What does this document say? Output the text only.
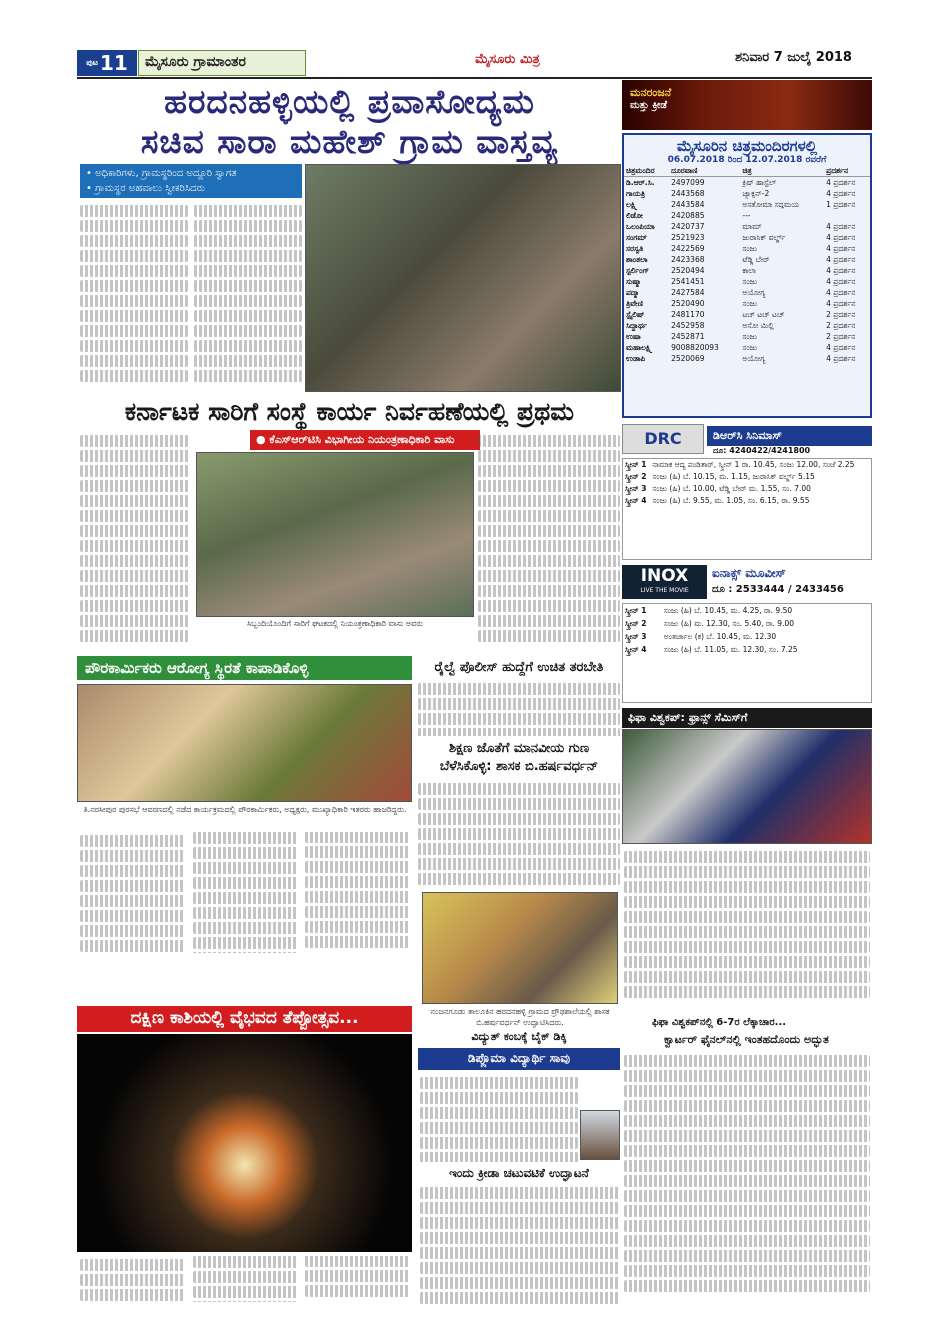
ಪುಟ 11	ಮೈಸೂರು ಗ್ರಾಮಾಂತರ	ಮೈಸೂರು ಮಿತ್ರ	ಶನಿವಾರ 7 ಜುಲೈ 2018
ಮನರಂಜನೆ
ಮತ್ತು ಕ್ರೀಡೆ
ಹರದನಹಳ್ಳಿಯಲ್ಲಿ ಪ್ರವಾಸೋದ್ಯಮ
ಸಚಿವ ಸಾರಾ ಮಹೇಶ್ ಗ್ರಾಮ ವಾಸ್ತವ್ಯ
• ಅಧಿಕಾರಿಗಳು, ಗ್ರಾಮಸ್ಥರಿಂದ ಅದ್ದೂರಿ ಸ್ವಾಗತ
• ಗ್ರಾಮಸ್ಥರ ಅಹವಾಲು ಸ್ವೀಕರಿಸಿದರು
ಮೈಸೂರಿನ ಚಿತ್ರಮಂದಿರಗಳಲ್ಲಿ
06.07.2018 ರಿಂದ 12.07.2018 ರವರೆಗೆ
ಚಿತ್ರಮಂದಿರ	ದೂರವಾಣಿ	ಚಿತ್ರ	ಪ್ರದರ್ಶನ
ಡಿ.ಆರ್.ಸಿ.	2497099	ಕ್ರಿಷ್ ಹಾಸ್ಟೆಲ್	4 ಪ್ರದರ್ಶನ
ಗಾಯತ್ರಿ	2443568	ಜ್ಯಾಕ್ಸನ್-2	4 ಪ್ರದರ್ಶನ
ಲಕ್ಷ್ಮಿ	2443584	ಅಸತೋಮಾ ಸದ್ಗಮಯ	1 ಪ್ರದರ್ಶನ
ಲಿಡೋ	2420885	---	
ಒಲಂಪಿಯಾ	2420737	ಮಾಮ್	4 ಪ್ರದರ್ಶನ
ಸಂಗಮ್	2521923	ಜುರಾಸಿಕ್ ವರ್ಲ್ಡ್	4 ಪ್ರದರ್ಶನ
ಸರಸ್ವತಿ	2422569	ಸಂಜು	4 ಪ್ರದರ್ಶನ
ಶಾಂತಲಾ	2423368	ಟೆಡ್ಡಿ ಬೇರ್	4 ಪ್ರದರ್ಶನ
ಸ್ಟರ್ಲಿಂಗ್	2520494	ಕಾಲಾ	4 ಪ್ರದರ್ಶನ
ಸುಷ್ಮಾ	2541451	ಸಂಜು	4 ಪ್ರದರ್ಶನ
ಪದ್ಮಾ	2427584	ಅಯೋಗ್ಯ	4 ಪ್ರದರ್ಶನ
ತ್ರಿವೇಣಿ	2520490	ಸಂಜು	4 ಪ್ರದರ್ಶನ
ಸ್ಟೈಲಿಷ್	2481170	ಟಚ್ ಟಚ್ ಟಚ್	2 ಪ್ರದರ್ಶನ
ಸಿದ್ದಾರ್ಥ	2452958	ಅಸೋ ಮಿಲ್ಲಿ	2 ಪ್ರದರ್ಶನ
ಉಷಾ	2452871	ಸಂಜು	2 ಪ್ರದರ್ಶನ
ಮಹಾಲಕ್ಷ್ಮಿ	9008820093	ಸಂಜು	4 ಪ್ರದರ್ಶನ
ಉಡಾಪಿ	2520069	ಅಯೋಗ್ಯ	4 ಪ್ರದರ್ಶನ
ಡಿಆರ್‌ಸಿ ಸಿನಿಮಾಸ್
DRC
ದೂ: 4240422/4241800
ಸ್ಕ್ರೀನ್ 1	ನಾಮಾಕ ಆದ್ಯ ಪಂಡಿತಾರ್, ಸ್ಕ್ರೀನ್ 1 ರಾ. 10.45, ಸಂಜು 12.00, ಸಂಜೆ 2.25
ಸ್ಕ್ರೀನ್ 2	ಸಂಜು (ಹಿ) ಬೆ. 10.15, ಮ. 1.15, ಜುರಾಸಿಕ್ ವರ್ಲ್ಡ್ 5.15
ಸ್ಕ್ರೀನ್ 3	ಸಂಜು (ಹಿ) ಬೆ. 10.00, ಟೆಡ್ಡಿ ಬೇರ್ ಮ. 1.55, ಸಂ. 7.00
ಸ್ಕ್ರೀನ್ 4	ಸಂಜು (ಹಿ) ಬೆ. 9.55, ಮ. 1.05, ಸಂ. 6.15, ರಾ. 9.55
INOX
LIVE THE MOVIE
ಐನಾಕ್ಸ್ ಮೂವೀಸ್
ದೂ : 2533444 / 2433456
ಸ್ಕ್ರೀನ್ 1	ಸಂಜು (ಹಿ) ಬೆ. 10.45, ಮ. 4.25, ರಾ. 9.50
ಸ್ಕ್ರೀನ್ 2	ಸಂಜು (ಹಿ) ಮ. 12.30, ಸಂ. 5.40, ರಾ. 9.00
ಸ್ಕ್ರೀನ್ 3	ಅಂತರ್ಜಾಲ (ಕ) ಬೆ. 10.45, ಮ. 12.30
ಸ್ಕ್ರೀನ್ 4	ಸಂಜು (ಹಿ) ಬೆ. 11.05, ಮ. 12.30, ಸಂ. 7.25
ಫಿಫಾ ವಿಶ್ವಕಪ್: ಫ್ರಾನ್ಸ್ ಸೆಮಿಸ್‌ಗೆ
ಫಿಫಾ ವಿಶ್ವಕಪ್‌ನಲ್ಲಿ 6-7ರ ಲೆಕ್ಕಾಚಾರ...
ಕ್ವಾರ್ಟರ್ ಫೈನಲ್‌ನಲ್ಲಿ ಇಂತಹದೊಂದು ಅದ್ಭುತ
ಕರ್ನಾಟಕ ಸಾರಿಗೆ ಸಂಸ್ಥೆ ಕಾರ್ಯ ನಿರ್ವಹಣೆಯಲ್ಲಿ ಪ್ರಥಮ
● ಕೆಎಸ್‌ಆರ್‌ಟಿಸಿ ವಿಭಾಗೀಯ ನಿಯಂತ್ರಣಾಧಿಕಾರಿ ವಾಸು
ಸಿಬ್ಬಂದಿಯೊಂದಿಗೆ ಸಾರಿಗೆ ಘಟಕದಲ್ಲಿ ನಿಯಂತ್ರಣಾಧಿಕಾರಿ ವಾಸು ಅವರು
ಪೌರಕಾರ್ಮಿಕರು ಆರೋಗ್ಯ ಸ್ಥಿರತೆ ಕಾಪಾಡಿಕೊಳ್ಳಿ
ತಿ.ನರಸೀಪುರ ಪುರಸಭೆ ಆವರಣದಲ್ಲಿ ನಡೆದ ಕಾರ್ಯಕ್ರಮದಲ್ಲಿ ಪೌರಕಾರ್ಮಿಕರು, ಅಧ್ಯಕ್ಷರು, ಮುಖ್ಯಾಧಿಕಾರಿ ಇತರರು ಹಾಜರಿದ್ದರು.
ರೈಲ್ವೆ ಪೊಲೀಸ್ ಹುದ್ದೆಗೆ ಉಚಿತ ತರಬೇತಿ
ಶಿಕ್ಷಣ ಜೊತೆಗೆ ಮಾನವೀಯ ಗುಣ
ಬೆಳೆಸಿಕೊಳ್ಳಿ: ಶಾಸಕ ಬಿ.ಹರ್ಷವರ್ಧನ್
ನಂಜನಗೂಡು ತಾಲೂಕಿನ ಹರದನಹಳ್ಳಿ ಗ್ರಾಮದ ಪ್ರೌಢಶಾಲೆಯಲ್ಲಿ ಶಾಸಕ ಬಿ.ಹರ್ಷವರ್ಧನ್ ಉದ್ಘಾಟಿಸಿದರು.
ವಿದ್ಯುತ್ ಕಂಬಕ್ಕೆ ಬೈಕ್ ಡಿಕ್ಕಿ
ಡಿಪ್ಲೊಮಾ ವಿದ್ಯಾರ್ಥಿ ಸಾವು
ಇಂದು ಕ್ರೀಡಾ ಚಟುವಟಿಕೆ ಉದ್ಘಾಟನೆ
ದಕ್ಷಿಣ ಕಾಶಿಯಲ್ಲಿ ವೈಭವದ ತೆಪ್ಪೋತ್ಸವ...
